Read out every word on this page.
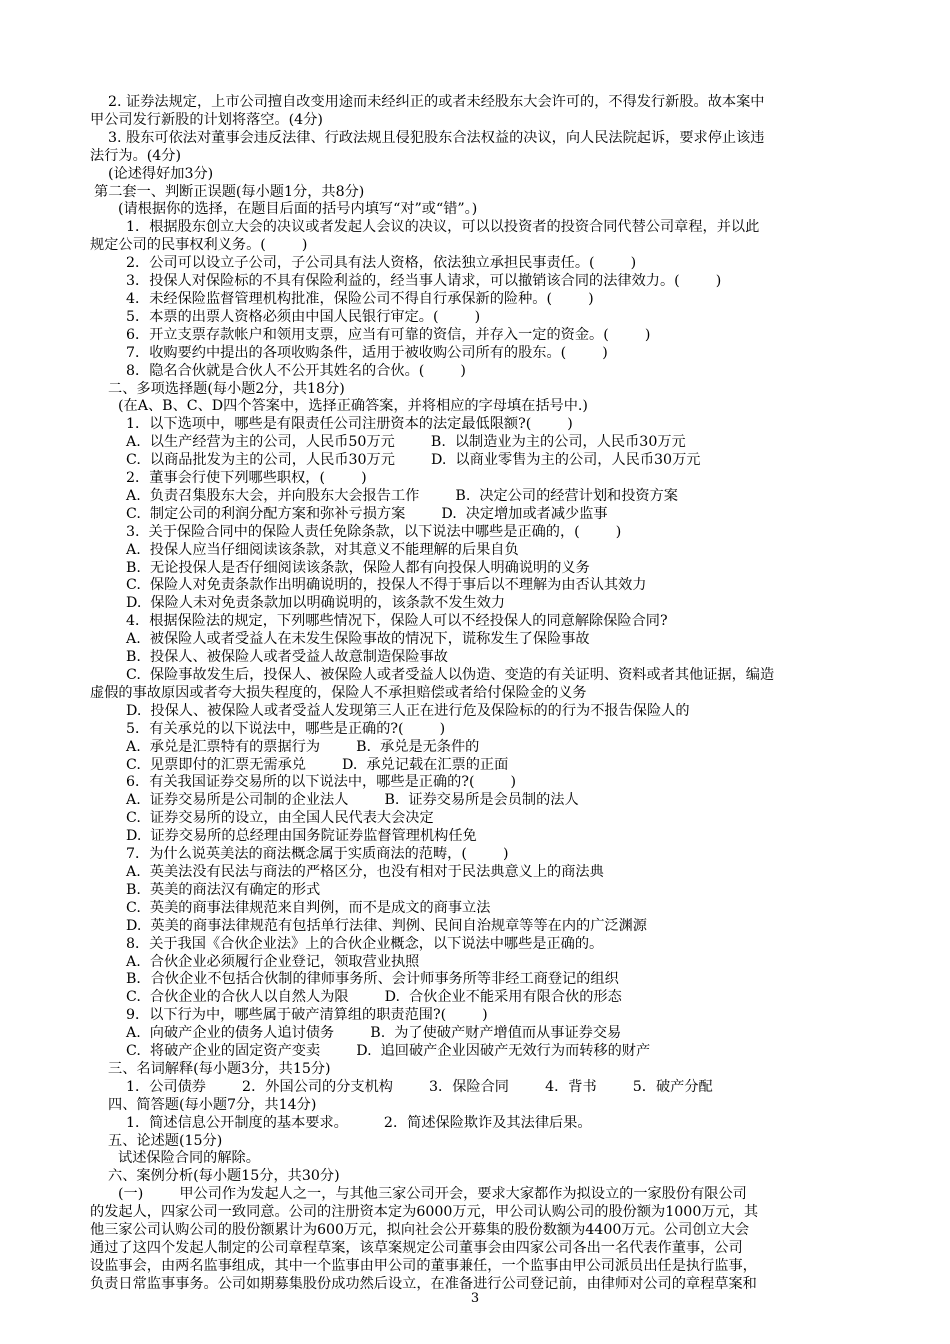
2. 证券法规定，上市公司擅自改变用途而未经纠正的或者未经股东大会许可的，不得发行新股。故本案中

甲公司发行新股的计划将落空。(4分)

3. 股东可依法对董事会违反法律、行政法规且侵犯股东合法权益的决议，向人民法院起诉，要求停止该违

法行为。(4分)

(论述得好加3分)

第二套一、判断正误题(每小题1分，共8分)

(请根据你的选择，在题目后面的括号内填写“对”或“错”。)

1．根据股东创立大会的决议或者发起人会议的决议，可以以投资者的投资合同代替公司章程，并以此

规定公司的民事权利义务。(        )

2．公司可以设立子公司，子公司具有法人资格，依法独立承担民事责任。(        )

3．投保人对保险标的不具有保险利益的，经当事人请求，可以撤销该合同的法律效力。(        )

4．未经保险监督管理机构批准，保险公司不得自行承保新的险种。(        )

5．本票的出票人资格必须由中国人民银行审定。(        )

6．开立支票存款帐户和领用支票，应当有可靠的资信，并存入一定的资金。(        )

7．收购要约中提出的各项收购条件，适用于被收购公司所有的股东。(        )

8．隐名合伙就是合伙人不公开其姓名的合伙。(        )

二、多项选择题(每小题2分，共18分)

(在A、B、C、D四个答案中，选择正确答案，并将相应的字母填在括号中.)

1．以下选项中，哪些是有限责任公司注册资本的法定最低限额?(        )

A.  以生产经营为主的公司，人民币50万元        B.  以制造业为主的公司，人民币30万元

C.  以商品批发为主的公司，人民币30万元        D.  以商业零售为主的公司，人民币30万元

2．董事会行使下列哪些职权，(        )

A.  负责召集股东大会，并向股东大会报告工作        B.  决定公司的经营计划和投资方案

C.  制定公司的利润分配方案和弥补亏损方案        D.  决定增加或者减少监事

3.  关于保险合同中的保险人责任免除条款，以下说法中哪些是正确的，(        )

A.  投保人应当仔细阅读该条款，对其意义不能理解的后果自负

B.  无论投保人是否仔细阅读该条款，保险人都有向投保人明确说明的义务

C.  保险人对免责条款作出明确说明的，投保人不得于事后以不理解为由否认其效力

D.  保险人未对免责条款加以明确说明的，该条款不发生效力

4．根据保险法的规定，下列哪些情况下，保险人可以不经投保人的同意解除保险合同?

A.  被保险人或者受益人在未发生保险事故的情况下，谎称发生了保险事故

B.  投保人、被保险人或者受益人故意制造保险事故

C.  保险事故发生后，投保人、被保险人或者受益人以伪造、变造的有关证明、资料或者其他证据，编造

虚假的事故原因或者夸大损失程度的，保险人不承担赔偿或者给付保险金的义务

D.  投保人、被保险人或者受益人发现第三人正在进行危及保险标的的行为不报告保险人的

5．有关承兑的以下说法中，哪些是正确的?(        )

A.  承兑是汇票特有的票据行为        B.  承兑是无条件的

C.  见票即付的汇票无需承兑        D.  承兑记载在汇票的正面

6．有关我国证券交易所的以下说法中，哪些是正确的?(        )

A.  证券交易所是公司制的企业法人        B.  证券交易所是会员制的法人

C.  证券交易所的设立，由全国人民代表大会决定

D.  证券交易所的总经理由国务院证券监督管理机构任免

7．为什么说英美法的商法概念属于实质商法的范畴，(        )

A.  英美法没有民法与商法的严格区分，也没有相对于民法典意义上的商法典

B.  英美的商法汉有确定的形式

C.  英美的商事法律规范来自判例，而不是成文的商事立法

D.  英美的商事法律规范有包括单行法律、判例、民间自治规章等等在内的广泛渊源

8．关于我国《合伙企业法》上的合伙企业概念，以下说法中哪些是正确的。

A.  合伙企业必须履行企业登记，领取营业执照

B．合伙企业不包括合伙制的律师事务所、会计师事务所等非经工商登记的组织

C.  合伙企业的合伙人以自然人为限        D.  合伙企业不能采用有限合伙的形态

9．以下行为中，哪些属于破产清算组的职责范围?(        )

A.  向破产企业的债务人追讨债务        B.  为了使破产财产增值而从事证券交易

C.  将破产企业的固定资产变卖        D.  追回破产企业因破产无效行为而转移的财产

三、名词解释(每小题3分，共15分)

1．公司债券        2．外国公司的分支机构        3．保险合同        4．背书        5．破产分配

四、简答题(每小题7分，共14分)

1．简述信息公开制度的基本要求。        2．简述保险欺诈及其法律后果。

五、论述题(15分)

试述保险合同的解除。

六、案例分析(每小题15分，共30分)

(一)        甲公司作为发起人之一，与其他三家公司开会，要求大家都作为拟设立的一家股份有限公司

的发起人，四家公司一致同意。公司的注册资本定为6000万元，甲公司认购公司的股份额为1000万元，其

他三家公司认购公司的股份额累计为600万元，拟向社会公开募集的股份数额为4400万元。公司创立大会

通过了这四个发起人制定的公司章程草案，该草案规定公司董事会由四家公司各出一名代表作董事，公司

设监事会，由两名监事组成，其中一个监事由甲公司的董事兼任，一个监事由甲公司派员出任是执行监事，

负责日常监事事务。公司如期募集股份成功然后设立，在准备进行公司登记前，由律师对公司的章程草案和

3
